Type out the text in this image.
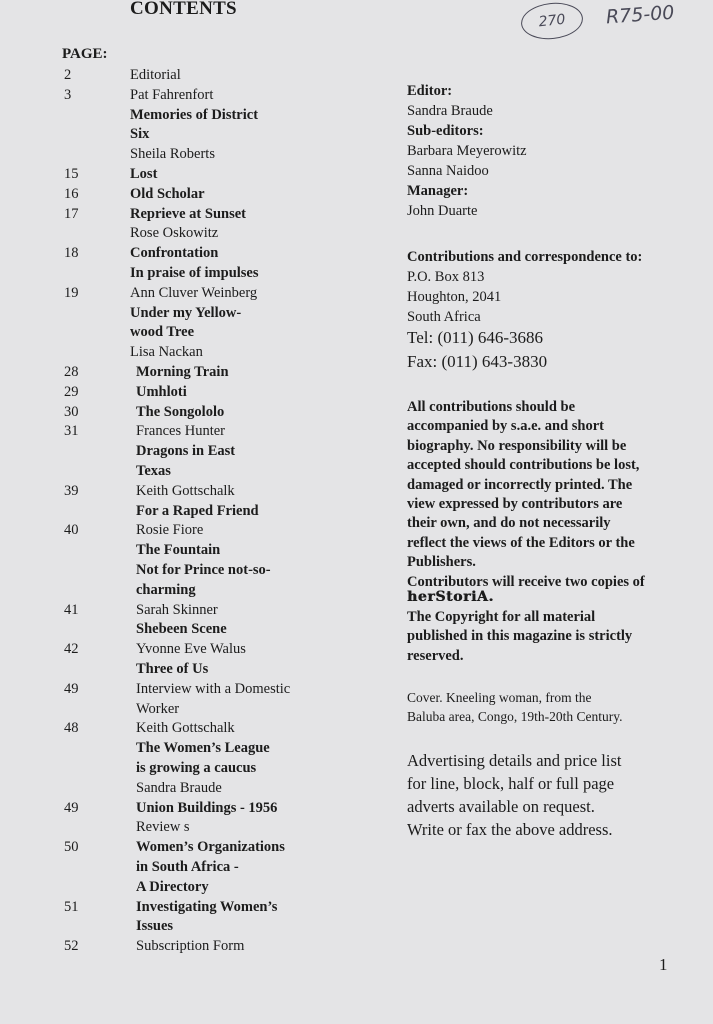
CONTENTS
270 R75-00
PAGE:
2	Editorial
3	Pat Fahrenfort
Memories of District
Six
Sheila Roberts
15	Lost
16	Old Scholar
17	Reprieve at Sunset
Rose Oskowitz
18	Confrontation
In praise of impulses
19	Ann Cluver Weinberg
Under my Yellow-
wood Tree
Lisa Nackan
28	Morning Train
29	Umhloti
30	The Songololo
31	Frances Hunter
Dragons in East
Texas
39	Keith Gottschalk
For a Raped Friend
40	Rosie Fiore
The Fountain
Not for Prince not-so-
charming
41	Sarah Skinner
Shebeen Scene
42	Yvonne Eve Walus
Three of Us
49	Interview with a Domestic
Worker
48	Keith Gottschalk
The Women’s League
is growing a caucus
Sandra Braude
49	Union Buildings - 1956
Review s
50	Women’s Organizations
in South Africa -
A Directory
51	Investigating Women’s
Issues
52	Subscription Form
Editor:
Sandra Braude
Sub-editors:
Barbara Meyerowitz
Sanna Naidoo
Manager:
John Duarte
Contributions and correspondence to:
P.O. Box 813
Houghton, 2041
South Africa
Tel: (011) 646-3686
Fax: (011) 643-3830
All contributions should be
accompanied by s.a.e. and short
biography. No responsibility will be
accepted should contributions be lost,
damaged or incorrectly printed. The
view expressed by contributors are
their own, and do not necessarily
reflect the views of the Editors or the
Publishers.
Contributors will receive two copies of
herStoriA.
The Copyright for all material
published in this magazine is strictly
reserved.
Cover. Kneeling woman, from the
Baluba area, Congo, 19th-20th Century.
Advertising details and price list
for line, block, half or full page
adverts available on request.
Write or fax the above address.
1
